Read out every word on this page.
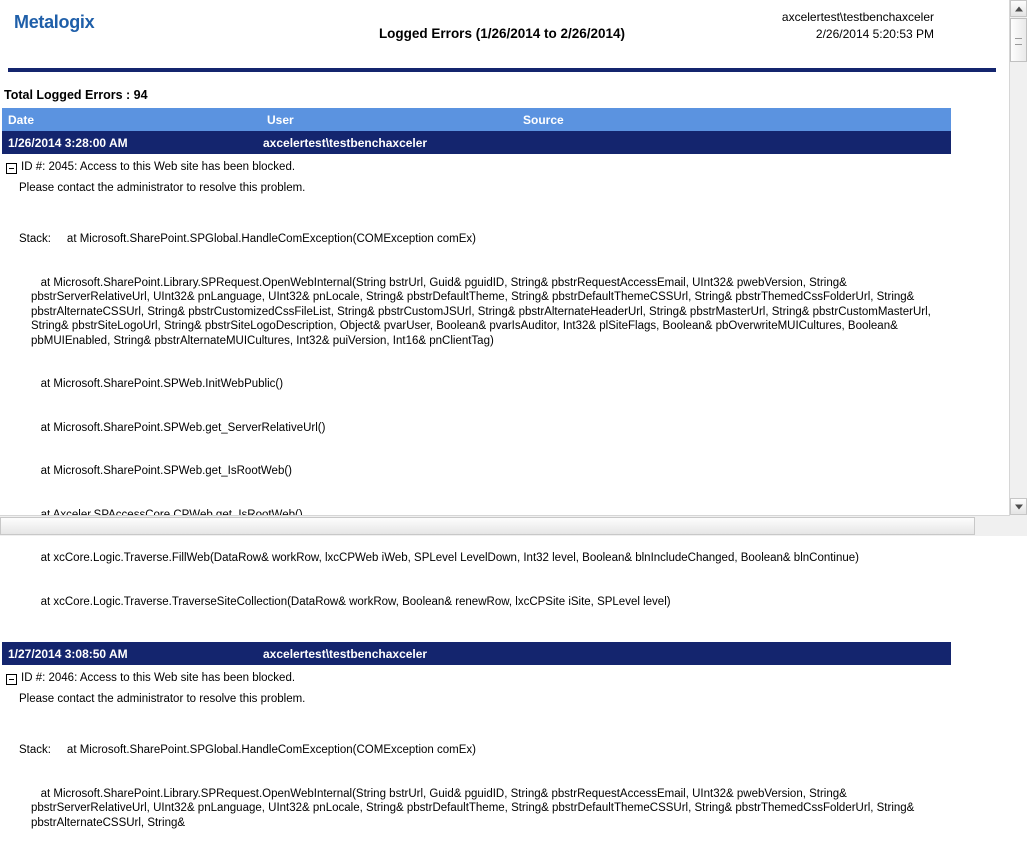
Metalogix
Logged Errors (1/26/2014 to 2/26/2014)
axcelertest\testbenchaxceler
2/26/2014 5:20:53 PM
Total Logged Errors : 94
Date	User	Source
1/26/2014 3:28:00 AM	axcelertest\testbenchaxceler	

ID #: 2045: Access to this Web site has been blocked.
Please contact the administrator to resolve this problem.

Stack:     at Microsoft.SharePoint.SPGlobal.HandleComException(COMException comEx)

at Microsoft.SharePoint.Library.SPRequest.OpenWebInternal(String bstrUrl, Guid& pguidID, String& pbstrRequestAccessEmail, UInt32& pwebVersion, String& pbstrServerRelativeUrl, UInt32& pnLanguage, UInt32& pnLocale, String& pbstrDefaultTheme, String& pbstrDefaultThemeCSSUrl, String& pbstrThemedCssFolderUrl, String& pbstrAlternateCSSUrl, String& pbstrCustomizedCssFileList, String& pbstrCustomJSUrl, String& pbstrAlternateHeaderUrl, String& pbstrMasterUrl, String& pbstrCustomMasterUrl, String& pbstrSiteLogoUrl, String& pbstrSiteLogoDescription, Object& pvarUser, Boolean& pvarIsAuditor, Int32& plSiteFlags, Boolean& pbOverwriteMUICultures, Boolean& pbMUIEnabled, String& pbstrAlternateMUICultures, Int32& puiVersion, Int16& pnClientTag)

at Microsoft.SharePoint.SPWeb.InitWebPublic()

at Microsoft.SharePoint.SPWeb.get_ServerRelativeUrl()

at Microsoft.SharePoint.SPWeb.get_IsRootWeb()

at xcCore.Logic.Traverse.FillWeb(DataRow& workRow, lxcCPWeb iWeb, SPLevel LevelDown, Int32 level, Boolean& blnIncludeChanged, Boolean& blnContinue)

at xcCore.Logic.Traverse.TraverseSiteCollection(DataRow& workRow, Boolean& renewRow, lxcCPSite iSite, SPLevel level)

1/27/2014 3:08:50 AM	axcelertest\testbenchaxceler	

ID #: 2046: Access to this Web site has been blocked.
Please contact the administrator to resolve this problem.

Stack:     at Microsoft.SharePoint.SPGlobal.HandleComException(COMException comEx)

at Microsoft.SharePoint.Library.SPRequest.OpenWebInternal(String bstrUrl, Guid& pguidID, String& pbstrRequestAccessEmail, UInt32& pwebVersion, String& pbstrServerRelativeUrl, UInt32& pnLanguage, UInt32& pnLocale, String& pbstrDefaultTheme, String& pbstrDefaultThemeCSSUrl, String& pbstrThemedCssFolderUrl, String& pbstrAlternateCSSUrl, String&		
